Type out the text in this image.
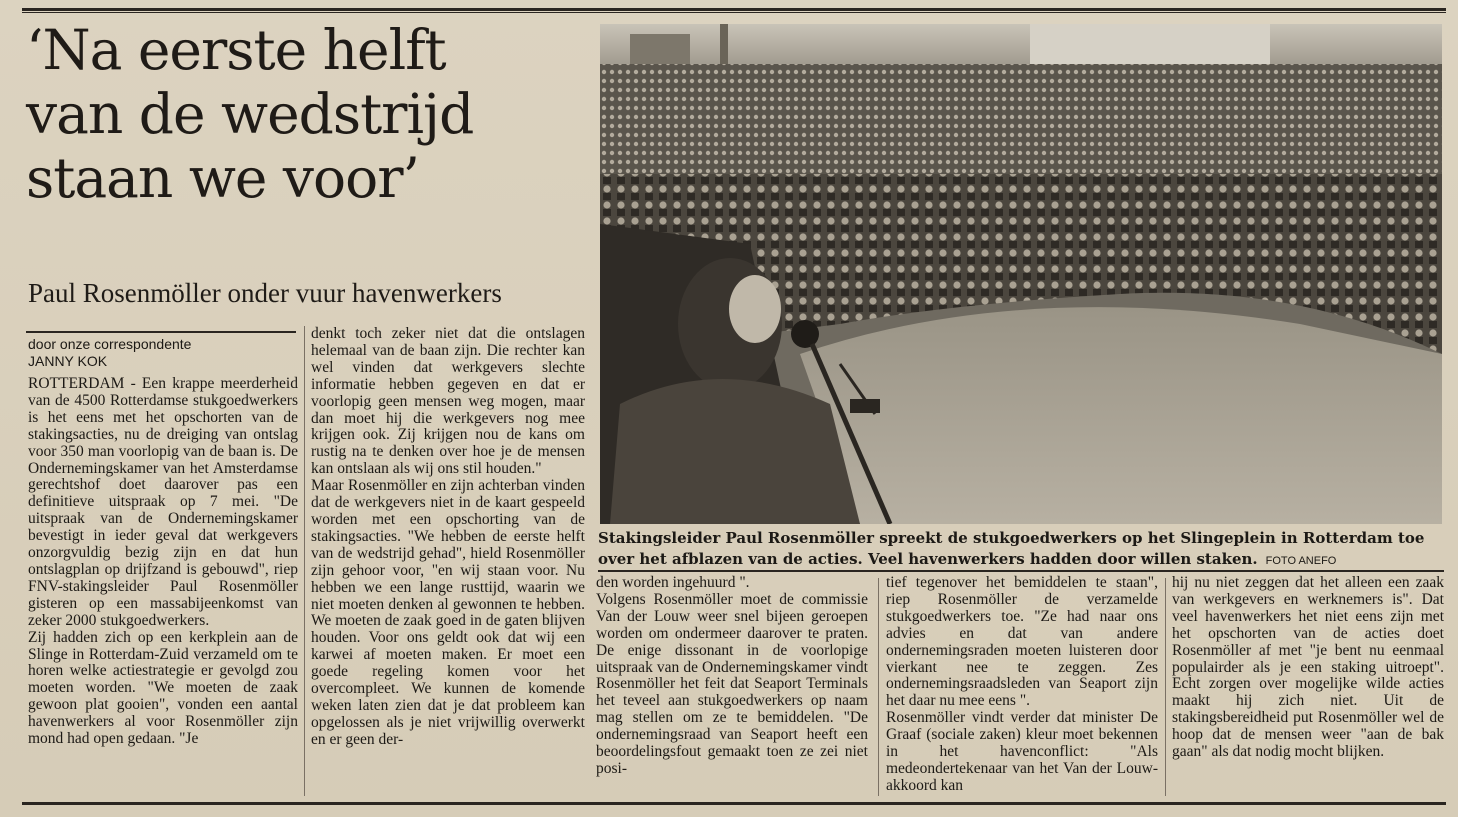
‘Na eerste helft
van de wedstrijd
staan we voor’
Paul Rosenmöller onder vuur havenwerkers
door onze correspondente
JANNY KOK
ROTTERDAM - Een krappe meerderheid van de 4500 Rotterdamse stukgoedwerkers is het eens met het opschorten van de stakingsacties, nu de dreiging van ontslag voor 350 man voorlopig van de baan is. De Ondernemingskamer van het Amsterdamse gerechtshof doet daarover pas een definitieve uitspraak op 7 mei. "De uitspraak van de Ondernemingskamer bevestigt in ieder geval dat werkgevers onzorgvuldig bezig zijn en dat hun ontslagplan op drijfzand is gebouwd", riep FNV-stakingsleider Paul Rosenmöller gisteren op een massabijeenkomst van zeker 2000 stukgoedwerkers.
Zij hadden zich op een kerkplein aan de Slinge in Rotterdam-Zuid verzameld om te horen welke actiestrategie er gevolgd zou moeten worden. "We moeten de zaak gewoon plat gooien", vonden een aantal havenwerkers al voor Rosenmöller zijn mond had open gedaan. "Je
denkt toch zeker niet dat die ontslagen helemaal van de baan zijn. Die rechter kan wel vinden dat werkgevers slechte informatie hebben gegeven en dat er voorlopig geen mensen weg mogen, maar dan moet hij die werkgevers nog mee krijgen ook. Zij krijgen nou de kans om rustig na te denken over hoe je de mensen kan ontslaan als wij ons stil houden."
Maar Rosenmöller en zijn achterban vinden dat de werkgevers niet in de kaart gespeeld worden met een opschorting van de stakingsacties. "We hebben de eerste helft van de wedstrijd gehad", hield Rosenmöller zijn gehoor voor, "en wij staan voor. Nu hebben we een lange rusttijd, waarin we niet moeten denken al gewonnen te hebben. We moeten de zaak goed in de gaten blijven houden. Voor ons geldt ook dat wij een karwei af moeten maken. Er moet een goede regeling komen voor het overcompleet. We kunnen de komende weken laten zien dat je dat probleem kan opgelossen als je niet vrijwillig overwerkt en er geen der-
Stakingsleider Paul Rosenmöller spreekt de stukgoedwerkers op het Slingeplein in Rotterdam toe over het afblazen van de acties. Veel havenwerkers hadden door willen staken. FOTO ANEFO
den worden ingehuurd ".
Volgens Rosenmöller moet de commissie Van der Louw weer snel bijeen geroepen worden om ondermeer daarover te praten. De enige dissonant in de voorlopige uitspraak van de Ondernemingskamer vindt Rosenmöller het feit dat Seaport Terminals het teveel aan stukgoedwerkers op naam mag stellen om ze te bemiddelen. "De ondernemingsraad van Seaport heeft een beoordelingsfout gemaakt toen ze zei niet posi-
tief tegenover het bemiddelen te staan", riep Rosenmöller de verzamelde stukgoedwerkers toe. "Ze had naar ons advies en dat van andere ondernemingsraden moeten luisteren door vierkant nee te zeggen. Zes ondernemingsraadsleden van Seaport zijn het daar nu mee eens ".
Rosenmöller vindt verder dat minister De Graaf (sociale zaken) kleur moet bekennen in het havenconflict: "Als medeondertekenaar van het Van der Louw-akkoord kan
hij nu niet zeggen dat het alleen een zaak van werkgevers en werknemers is". Dat veel havenwerkers het niet eens zijn met het opschorten van de acties doet Rosenmöller af met "je bent nu eenmaal populairder als je een staking uitroept". Echt zorgen over mogelijke wilde acties maakt hij zich niet. Uit de stakingsbereidheid put Rosenmöller wel de hoop dat de mensen weer "aan de bak gaan" als dat nodig mocht blijken.
